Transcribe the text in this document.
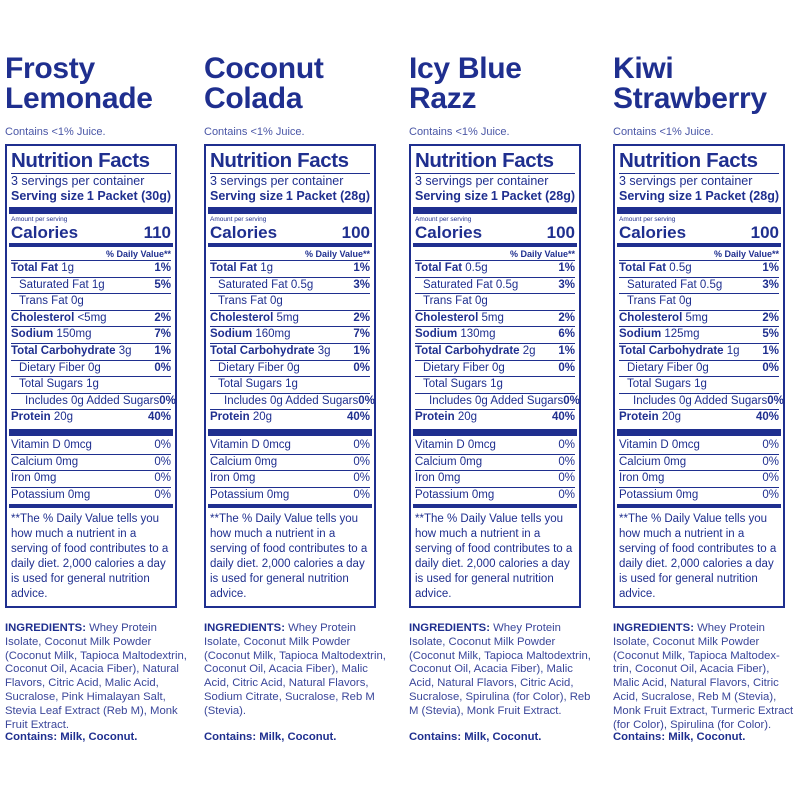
Frosty
Lemonade
Contains <1% Juice.
Nutrition Facts
3 servings per container
Serving size 1 Packet (30g)
Amount per serving
Calories	110
% Daily Value**
Total Fat 1g	1%
Saturated Fat 1g	5%
Trans Fat 0g
Cholesterol <5mg	2%
Sodium 150mg	7%
Total Carbohydrate 3g 1%
Dietary Fiber 0g	0%
Total Sugars 1g
Includes 0g Added Sugars 0%
Protein 20g	40%
Vitamin D 0mcg	0%
Calcium 0mg	0%
Iron 0mg	0%
Potassium 0mg	0%
**The % Daily Value tells you how much a nutrient in a serving of food contributes to a daily diet. 2,000 calories a day is used for general nutrition advice.
INGREDIENTS: Whey Protein Isolate, Coconut Milk Powder (Coconut Milk, Tapioca Maltodextrin, Coconut Oil, Acacia Fiber), Natural Flavors, Citric Acid, Malic Acid, Sucralose, Pink Himalayan Salt, Stevia Leaf Extract (Reb M), Monk Fruit Extract.
Contains: Milk, Coconut.
Coconut
Colada
Contains <1% Juice.
Nutrition Facts
3 servings per container
Serving size 1 Packet (28g)
Amount per serving
Calories	100
% Daily Value**
Total Fat 1g	1%
Saturated Fat 0.5g	3%
Trans Fat 0g
Cholesterol 5mg	2%
Sodium 160mg	7%
Total Carbohydrate 3g 1%
Dietary Fiber 0g	0%
Total Sugars 1g
Includes 0g Added Sugars 0%
Protein 20g	40%
Vitamin D 0mcg	0%
Calcium 0mg	0%
Iron 0mg	0%
Potassium 0mg	0%
**The % Daily Value tells you how much a nutrient in a serving of food contributes to a daily diet. 2,000 calories a day is used for general nutrition advice.
INGREDIENTS: Whey Protein Isolate, Coconut Milk Powder (Coconut Milk, Tapioca Maltodextrin, Coconut Oil, Acacia Fiber), Malic Acid, Citric Acid, Natural Flavors, Sodium Citrate, Sucralose, Reb M (Stevia).
Contains: Milk, Coconut.
Icy Blue
Razz
Contains <1% Juice.
Nutrition Facts
3 servings per container
Serving size 1 Packet (28g)
Amount per serving
Calories	100
% Daily Value**
Total Fat 0.5g	1%
Saturated Fat 0.5g	3%
Trans Fat 0g
Cholesterol 5mg	2%
Sodium 130mg	6%
Total Carbohydrate 2g 1%
Dietary Fiber 0g	0%
Total Sugars 1g
Includes 0g Added Sugars 0%
Protein 20g	40%
Vitamin D 0mcg	0%
Calcium 0mg	0%
Iron 0mg	0%
Potassium 0mg	0%
**The % Daily Value tells you how much a nutrient in a serving of food contributes to a daily diet. 2,000 calories a day is used for general nutrition advice.
INGREDIENTS: Whey Protein Isolate, Coconut Milk Powder (Coconut Milk, Tapioca Maltodextrin, Coconut Oil, Acacia Fiber), Malic Acid, Natural Flavors, Citric Acid, Sucralose, Spirulina (for Color), Reb M (Stevia), Monk Fruit Extract.
Contains: Milk, Coconut.
Kiwi
Strawberry
Contains <1% Juice.
Nutrition Facts
3 servings per container
Serving size 1 Packet (28g)
Amount per serving
Calories	100
% Daily Value**
Total Fat 0.5g	1%
Saturated Fat 0.5g	3%
Trans Fat 0g
Cholesterol 5mg	2%
Sodium 125mg	5%
Total Carbohydrate 1g 1%
Dietary Fiber 0g	0%
Total Sugars 1g
Includes 0g Added Sugars 0%
Protein 20g	40%
Vitamin D 0mcg	0%
Calcium 0mg	0%
Iron 0mg	0%
Potassium 0mg	0%
**The % Daily Value tells you how much a nutrient in a serving of food contributes to a daily diet. 2,000 calories a day is used for general nutrition advice.
INGREDIENTS: Whey Protein Isolate, Coconut Milk Powder (Coconut Milk, Tapioca Maltodex-trin, Coconut Oil, Acacia Fiber), Malic Acid, Natural Flavors, Citric Acid, Sucralose, Reb M (Stevia), Monk Fruit Extract, Turmeric Extract (for Color), Spirulina (for Color).
Contains: Milk, Coconut.
